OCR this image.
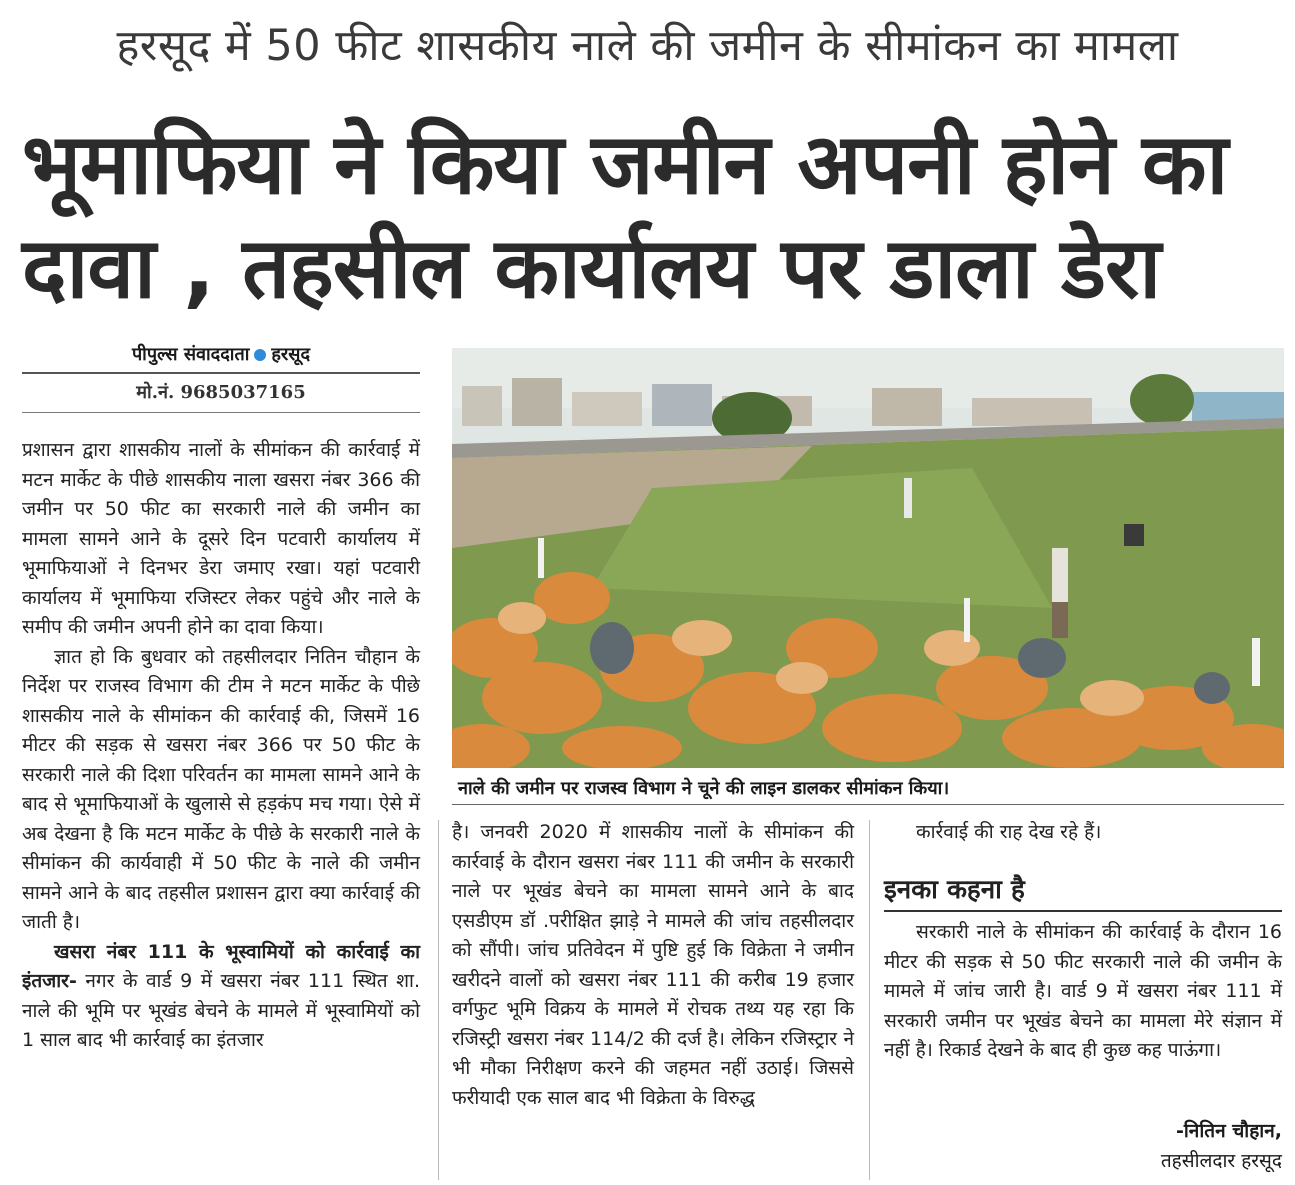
हरसूद में 50 फीट शासकीय नाले की जमीन के सीमांकन का मामला
भूमाफिया ने किया जमीन अपनी होने का
दावा , तहसील कार्यालय पर डाला डेरा
पीपुल्स संवाददाता हरसूद
मो.नं. 9685037165

प्रशासन द्वारा शासकीय नालों के सीमांकन की कार्रवाई में मटन मार्केट के पीछे शासकीय नाला खसरा नंबर 366 की जमीन पर 50 फीट का सरकारी नाले की जमीन का मामला सामने आने के दूसरे दिन पटवारी कार्यालय में भूमाफियाओं ने दिनभर डेरा जमाए रखा। यहां पटवारी कार्यालय में भूमाफिया रजिस्टर लेकर पहुंचे और नाले के समीप की जमीन अपनी होने का दावा किया।

ज्ञात हो कि बुधवार को तहसीलदार नितिन चौहान के निर्देश पर राजस्व विभाग की टीम ने मटन मार्केट के पीछे शासकीय नाले के सीमांकन की कार्रवाई की, जिसमें 16 मीटर की सड़क से खसरा नंबर 366 पर 50 फीट के सरकारी नाले की दिशा परिवर्तन का मामला सामने आने के बाद से भूमाफियाओं के खुलासे से हड़कंप मच गया। ऐसे में अब देखना है कि मटन मार्केट के पीछे के सरकारी नाले के सीमांकन की कार्यवाही में 50 फीट के नाले की जमीन सामने आने के बाद तहसील प्रशासन द्वारा क्या कार्रवाई की जाती है।

खसरा नंबर 111 के भूस्वामियों को कार्रवाई का इंतजार- नगर के वार्ड 9 में खसरा नंबर 111 स्थित शा. नाले की भूमि पर भूखंड बेचने के मामले में भूस्वामियों को 1 साल बाद भी कार्रवाई का इंतजार

नाले की जमीन पर राजस्व विभाग ने चूने की लाइन डालकर सीमांकन किया।

है। जनवरी 2020 में शासकीय नालों के सीमांकन की कार्रवाई के दौरान खसरा नंबर 111 की जमीन के सरकारी नाले पर भूखंड बेचने का मामला सामने आने के बाद एसडीएम डॉ .परीक्षित झाड़े ने मामले की जांच तहसीलदार को सौंपी। जांच प्रतिवेदन में पुष्टि हुई कि विक्रेता ने जमीन खरीदने वालों को खसरा नंबर 111 की करीब 19 हजार वर्गफुट भूमि विक्रय के मामले में रोचक तथ्य यह रहा कि रजिस्ट्री खसरा नंबर 114/2 की दर्ज है। लेकिन रजिस्ट्रार ने भी मौका निरीक्षण करने की जहमत नहीं उठाई। जिससे फरीयादी एक साल बाद भी विक्रेता के विरुद्ध

कार्रवाई की राह देख रहे हैं।

इनका कहना है

सरकारी नाले के सीमांकन की कार्रवाई के दौरान 16 मीटर की सड़क से 50 फीट सरकारी नाले की जमीन के मामले में जांच जारी है। वार्ड 9 में खसरा नंबर 111 में सरकारी जमीन पर भूखंड बेचने का मामला मेरे संज्ञान में नहीं है। रिकार्ड देखने के बाद ही कुछ कह पाऊंगा।

-नितिन चौहान,
तहसीलदार हरसूद
